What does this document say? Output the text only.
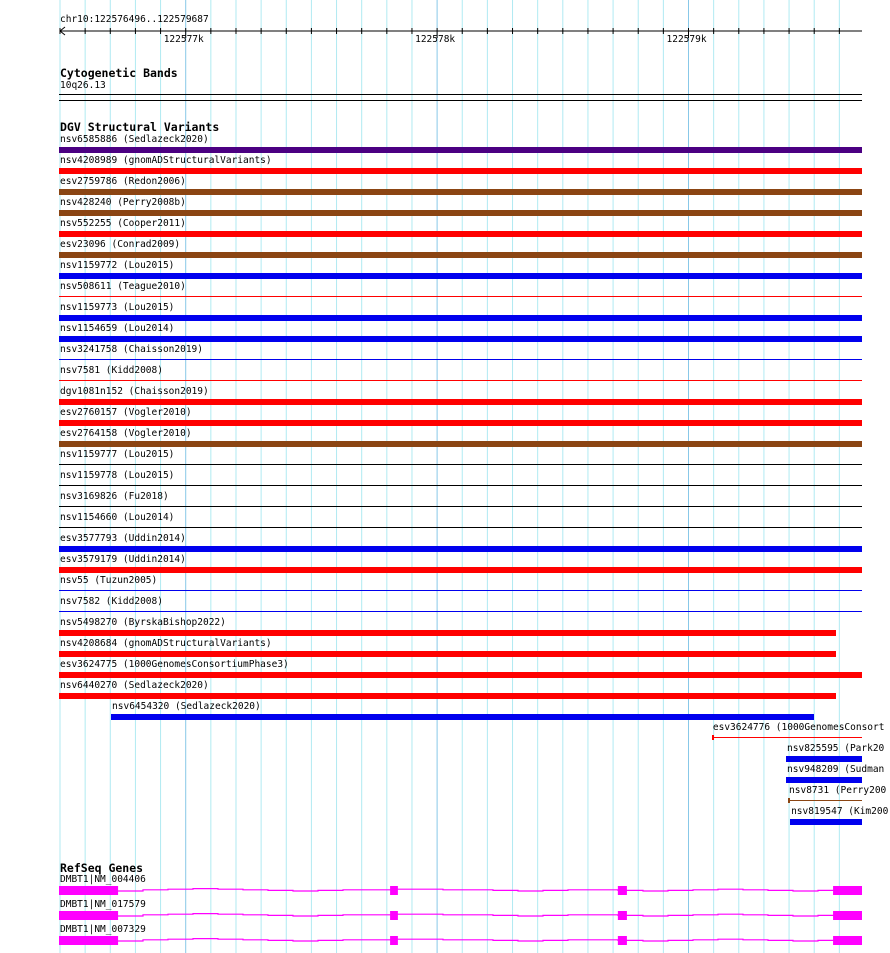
chr10:122576496..122579687
122577k	122578k	122579k
Cytogenetic Bands
10q26.13
DGV Structural Variants
nsv6585886 (Sedlazeck2020)
nsv4208989 (gnomADStructuralVariants)
esv2759786 (Redon2006)
nsv428240 (Perry2008b)
nsv552255 (Cooper2011)
esv23096 (Conrad2009)
nsv1159772 (Lou2015)
nsv508611 (Teague2010)
nsv1159773 (Lou2015)
nsv1154659 (Lou2014)
nsv3241758 (Chaisson2019)
nsv7581 (Kidd2008)
dgv1081n152 (Chaisson2019)
esv2760157 (Vogler2010)
esv2764158 (Vogler2010)
nsv1159777 (Lou2015)
nsv1159778 (Lou2015)
nsv3169826 (Fu2018)
nsv1154660 (Lou2014)
esv3577793 (Uddin2014)
esv3579179 (Uddin2014)
nsv55 (Tuzun2005)
nsv7582 (Kidd2008)
nsv5498270 (ByrskaBishop2022)
nsv4208684 (gnomADStructuralVariants)
esv3624775 (1000GenomesConsortiumPhase3)
nsv6440270 (Sedlazeck2020)
nsv6454320 (Sedlazeck2020)
esv3624776 (1000GenomesConsort
nsv825595 (Park20
nsv948209 (Sudman
nsv8731 (Perry200
nsv819547 (Kim200
RefSeq Genes
DMBT1|NM_004406
DMBT1|NM_017579
DMBT1|NM_007329
